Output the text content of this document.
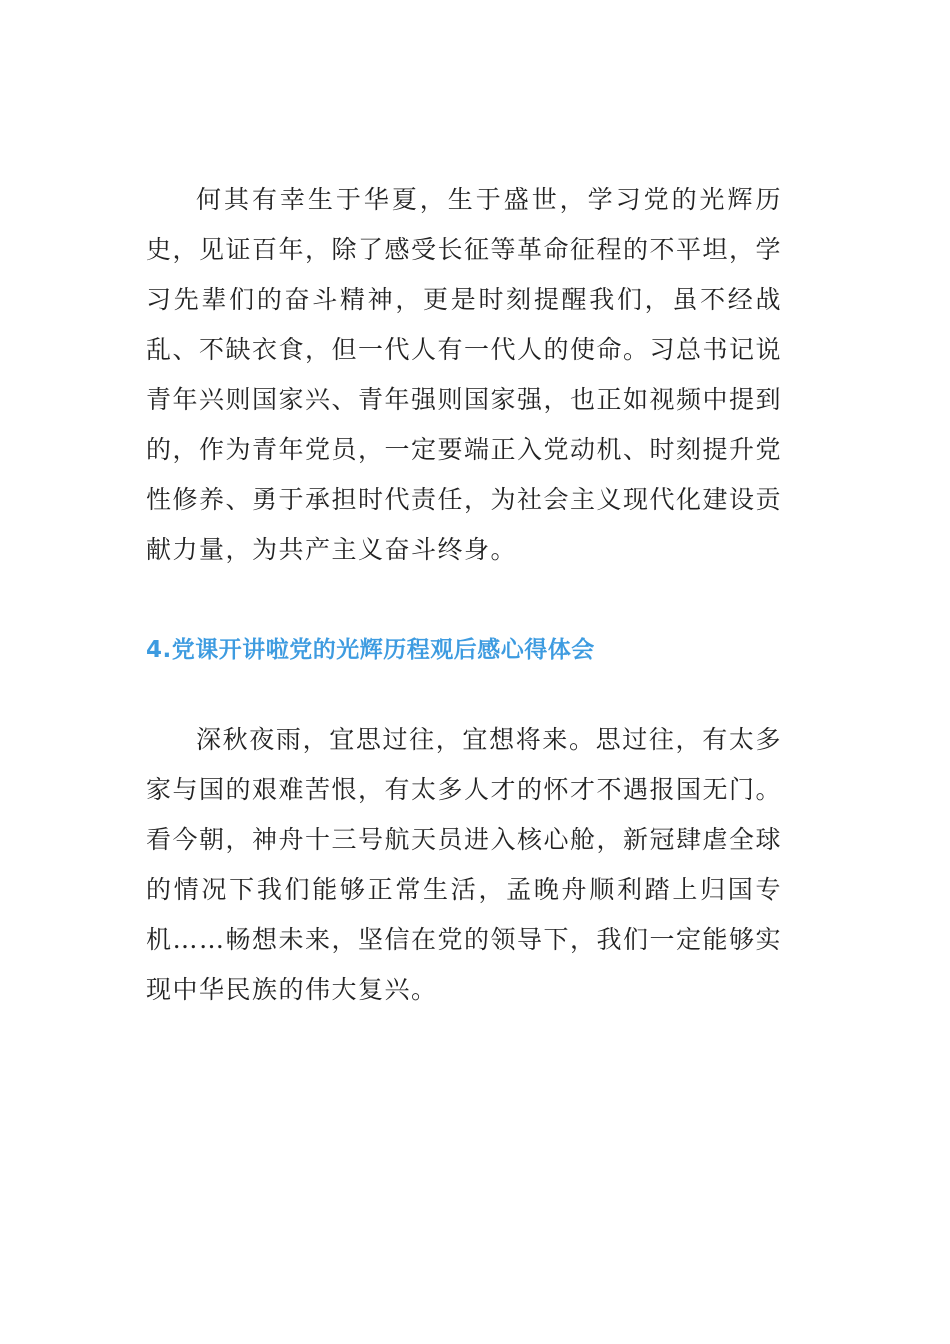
何其有幸生于华夏，生于盛世，学习党的光辉历史，见证百年，除了感受长征等革命征程的不平坦，学习先辈们的奋斗精神，更是时刻提醒我们，虽不经战乱、不缺衣食，但一代人有一代人的使命。习总书记说青年兴则国家兴、青年强则国家强，也正如视频中提到的，作为青年党员，一定要端正入党动机、时刻提升党性修养、勇于承担时代责任，为社会主义现代化建设贡献力量，为共产主义奋斗终身。

4.党课开讲啦党的光辉历程观后感心得体会

深秋夜雨，宜思过往，宜想将来。思过往，有太多家与国的艰难苦恨，有太多人才的怀才不遇报国无门。看今朝，神舟十三号航天员进入核心舱，新冠肆虐全球的情况下我们能够正常生活，孟晚舟顺利踏上归国专机……畅想未来，坚信在党的领导下，我们一定能够实现中华民族的伟大复兴。
